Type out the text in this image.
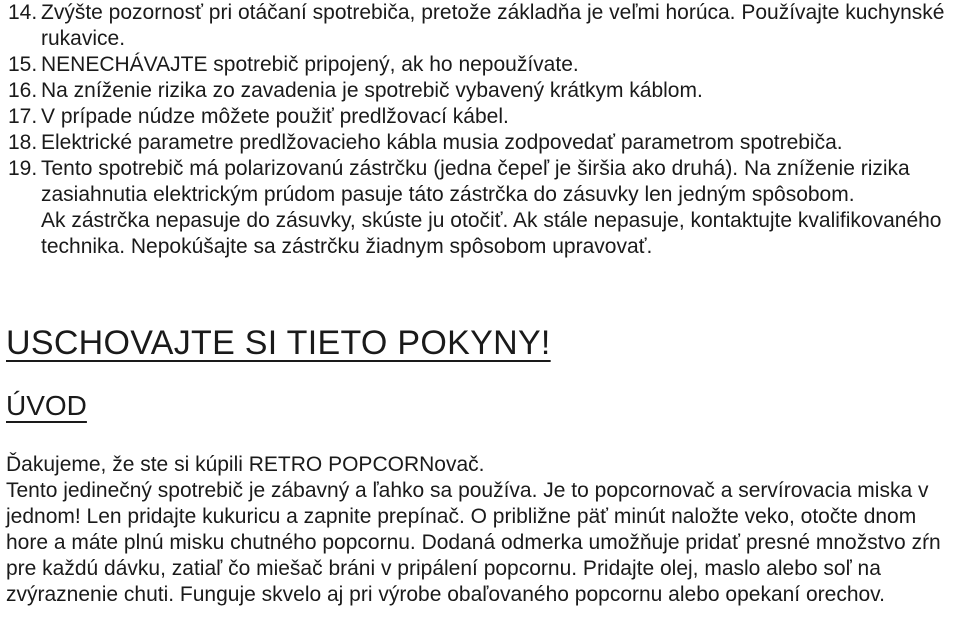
14. Zvýšte pozornosť pri otáčaní spotrebiča, pretože základňa je veľmi horúca. Používajte kuchynské rukavice.

15. NENECHÁVAJTE spotrebič pripojený, ak ho nepoužívate.

16. Na zníženie rizika zo zavadenia je spotrebič vybavený krátkym káblom.

17. V prípade núdze môžete použiť predlžovací kábel.

18. Elektrické parametre predlžovacieho kábla musia zodpovedať parametrom spotrebiča.

19. Tento spotrebič má polarizovanú zástrčku (jedna čepeľ je širšia ako druhá). Na zníženie rizika zasiahnutia elektrickým prúdom pasuje táto zástrčka do zásuvky len jedným spôsobom.

Ak zástrčka nepasuje do zásuvky, skúste ju otočiť. Ak stále nepasuje, kontaktujte kvalifikovaného technika. Nepokúšajte sa zástrčku žiadnym spôsobom upravovať.

USCHOVAJTE SI TIETO POKYNY!
ÚVOD

Ďakujeme, že ste si kúpili RETRO POPCORNovač.

Tento jedinečný spotrebič je zábavný a ľahko sa používa. Je to popcornovač a servírovacia miska v jednom! Len pridajte kukuricu a zapnite prepínač. O približne päť minút naložte veko, otočte dnom hore a máte plnú misku chutného popcornu. Dodaná odmerka umožňuje pridať presné množstvo zŕn pre každú dávku, zatiaľ čo miešač bráni v pripálení popcornu. Pridajte olej, maslo alebo soľ na zvýraznenie chuti. Funguje skvelo aj pri výrobe obaľovaného popcornu alebo opekaní orechov.
